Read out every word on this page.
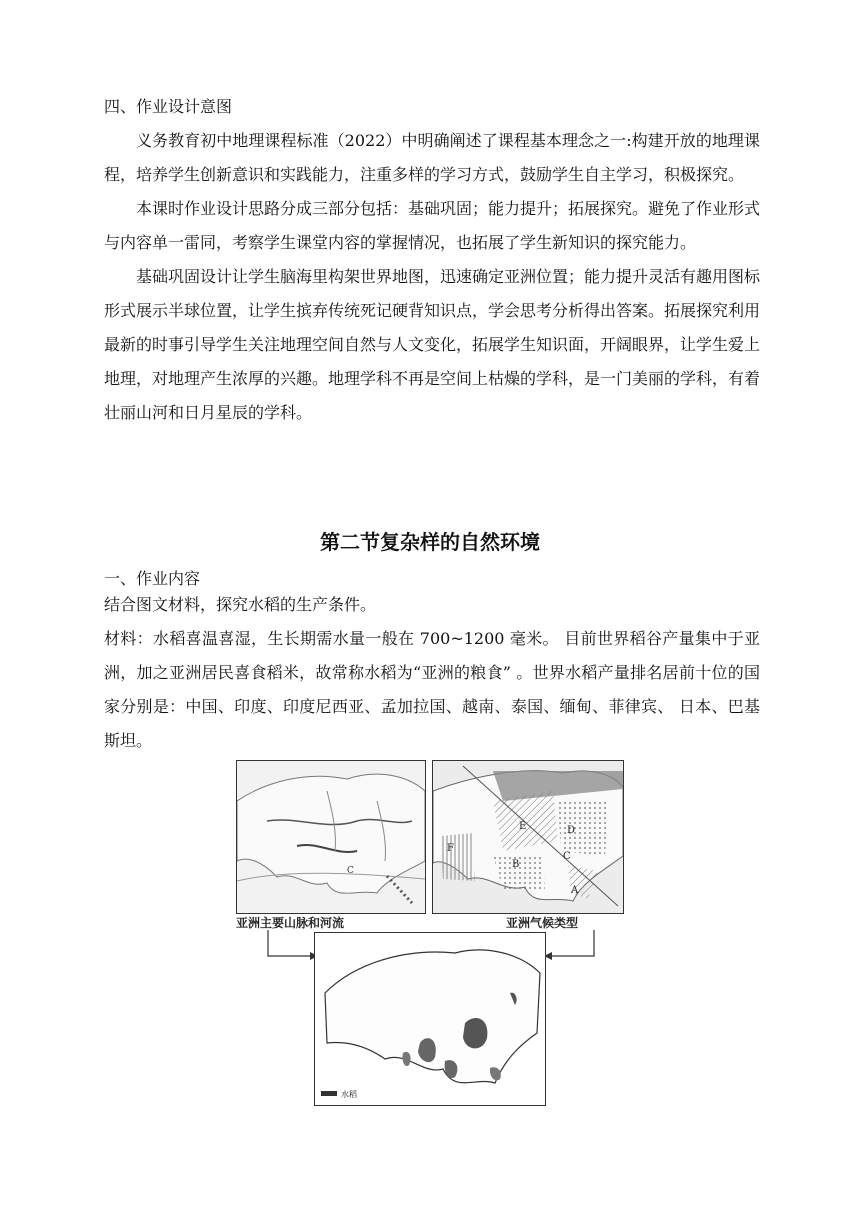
四、作业设计意图

义务教育初中地理课程标准（2022）中明确阐述了课程基本理念之一:构建开放的地理课程，培养学生创新意识和实践能力，注重多样的学习方式，鼓励学生自主学习，积极探究。

本课时作业设计思路分成三部分包括：基础巩固；能力提升；拓展探究。避免了作业形式与内容单一雷同，考察学生课堂内容的掌握情况，也拓展了学生新知识的探究能力。

基础巩固设计让学生脑海里构架世界地图，迅速确定亚洲位置；能力提升灵活有趣用图标形式展示半球位置，让学生摈弃传统死记硬背知识点，学会思考分析得出答案。拓展探究利用最新的时事引导学生关注地理空间自然与人文变化，拓展学生知识面，开阔眼界，让学生爱上地理，对地理产生浓厚的兴趣。地理学科不再是空间上枯燥的学科，是一门美丽的学科，有着壮丽山河和日月星辰的学科。

第二节复杂样的自然环境
一、作业内容
结合图文材料，探究水稻的生产条件。

材料：水稻喜温喜湿，生长期需水量一般在 700~1200 毫米。 目前世界稻谷产量集中于亚洲，加之亚洲居民喜食稻米，故常称水稻为“亚洲的粮食” 。世界水稻产量排名居前十位的国家分别是：中国、印度、印度尼西亚、孟加拉国、越南、泰国、缅甸、菲律宾、 日本、巴基斯坦。

C
E	D
F
C
B
A
亚洲主要山脉和河流	亚洲气候类型
水稻
